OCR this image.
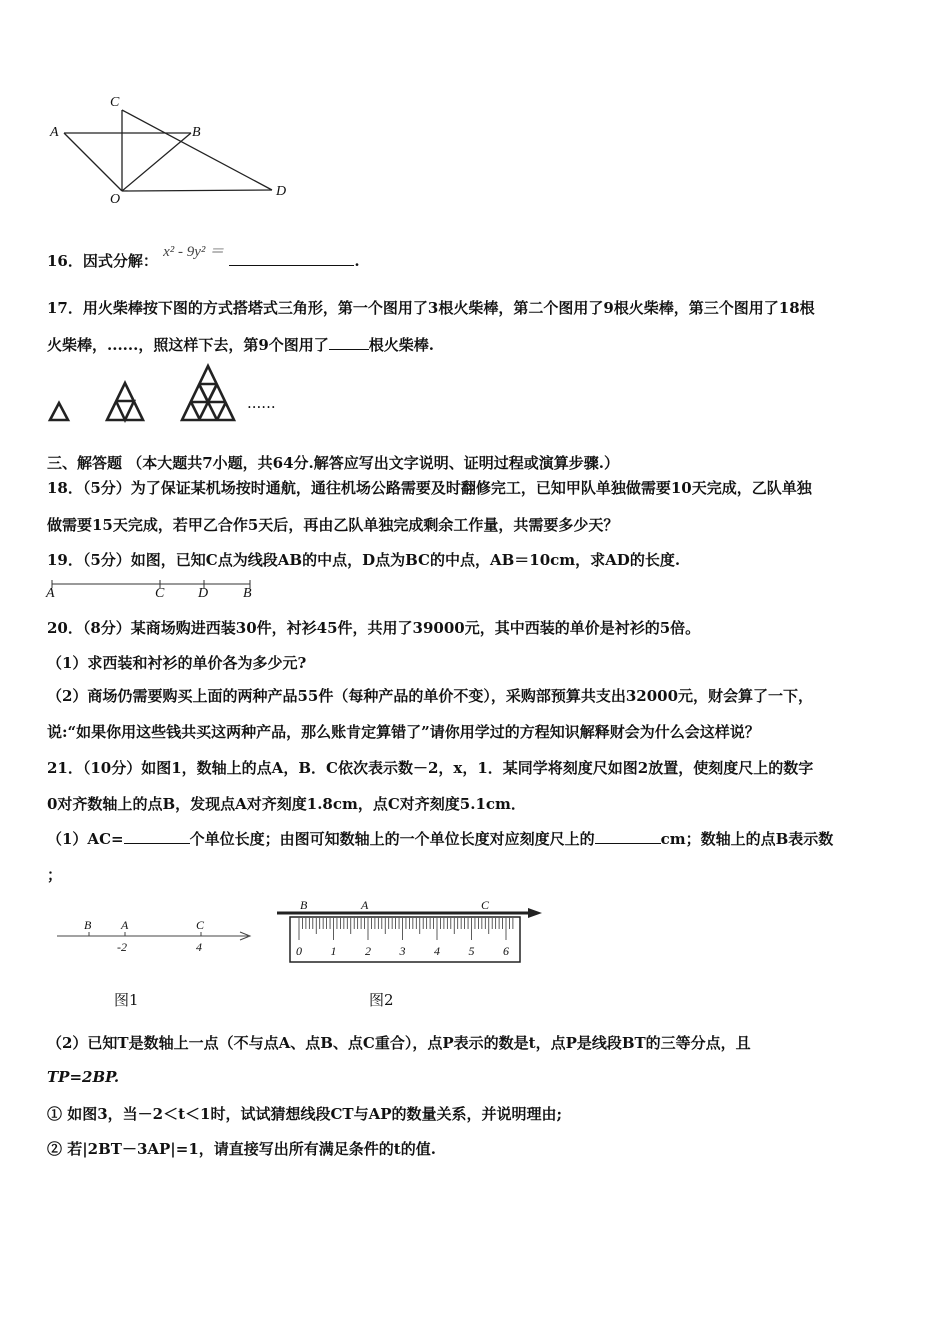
A	B
C
D
O
16．因式分解： x² - 9y² ＝	.
17．用火柴棒按下图的方式搭塔式三角形，第一个图用了3根火柴棒，第二个图用了9根火柴棒，第三个图用了18根
火柴棒，......，照这样下去，第9个图用了	根火柴棒.
......
三、解答题 （本大题共7小题，共64分.解答应写出文字说明、证明过程或演算步骤.）
18．（5分）为了保证某机场按时通航，通往机场公路需要及时翻修完工，已知甲队单独做需要10天完成，乙队单独
做需要15天完成，若甲乙合作5天后，再由乙队单独完成剩余工作量，共需要多少天？
19．（5分）如图，已知C点为线段AB的中点，D点为BC的中点，AB＝10cm，求AD的长度.
A	C D B
20．（8分）某商场购进西装30件，衬衫45件，共用了39000元，其中西装的单价是衬衫的5倍。
（1）求西装和衬衫的单价各为多少元?
（2）商场仍需要购买上面的两种产品55件（每种产品的单价不变），采购部预算共支出32000元，财会算了一下，
说:“如果你用这些钱共买这两种产品，那么账肯定算错了”请你用学过的方程知识解释财会为什么会这样说？
21．（10分）如图1，数轴上的点A，B．C依次表示数－2，x，1．某同学将刻度尺如图2放置，使刻度尺上的数字
0对齐数轴上的点B，发现点A对齐刻度1.8cm，点C对齐刻度5.1cm．
（1）AC=	个单位长度；由图可知数轴上的一个单位长度对应刻度尺上的	cm；数轴上的点B表示数
；
B A
-2
C
4
图1
B	A	C
0 1 2 3 4 5 6
图2
（2）已知T是数轴上一点（不与点A、点B、点C重合），点P表示的数是t，点P是线段BT的三等分点，且
TP=2BP.
① 如图3，当－2＜t＜1时，试试猜想线段CT与AP的数量关系，并说明理由;
② 若|2BT－3AP|=1，请直接写出所有满足条件的t的值.
